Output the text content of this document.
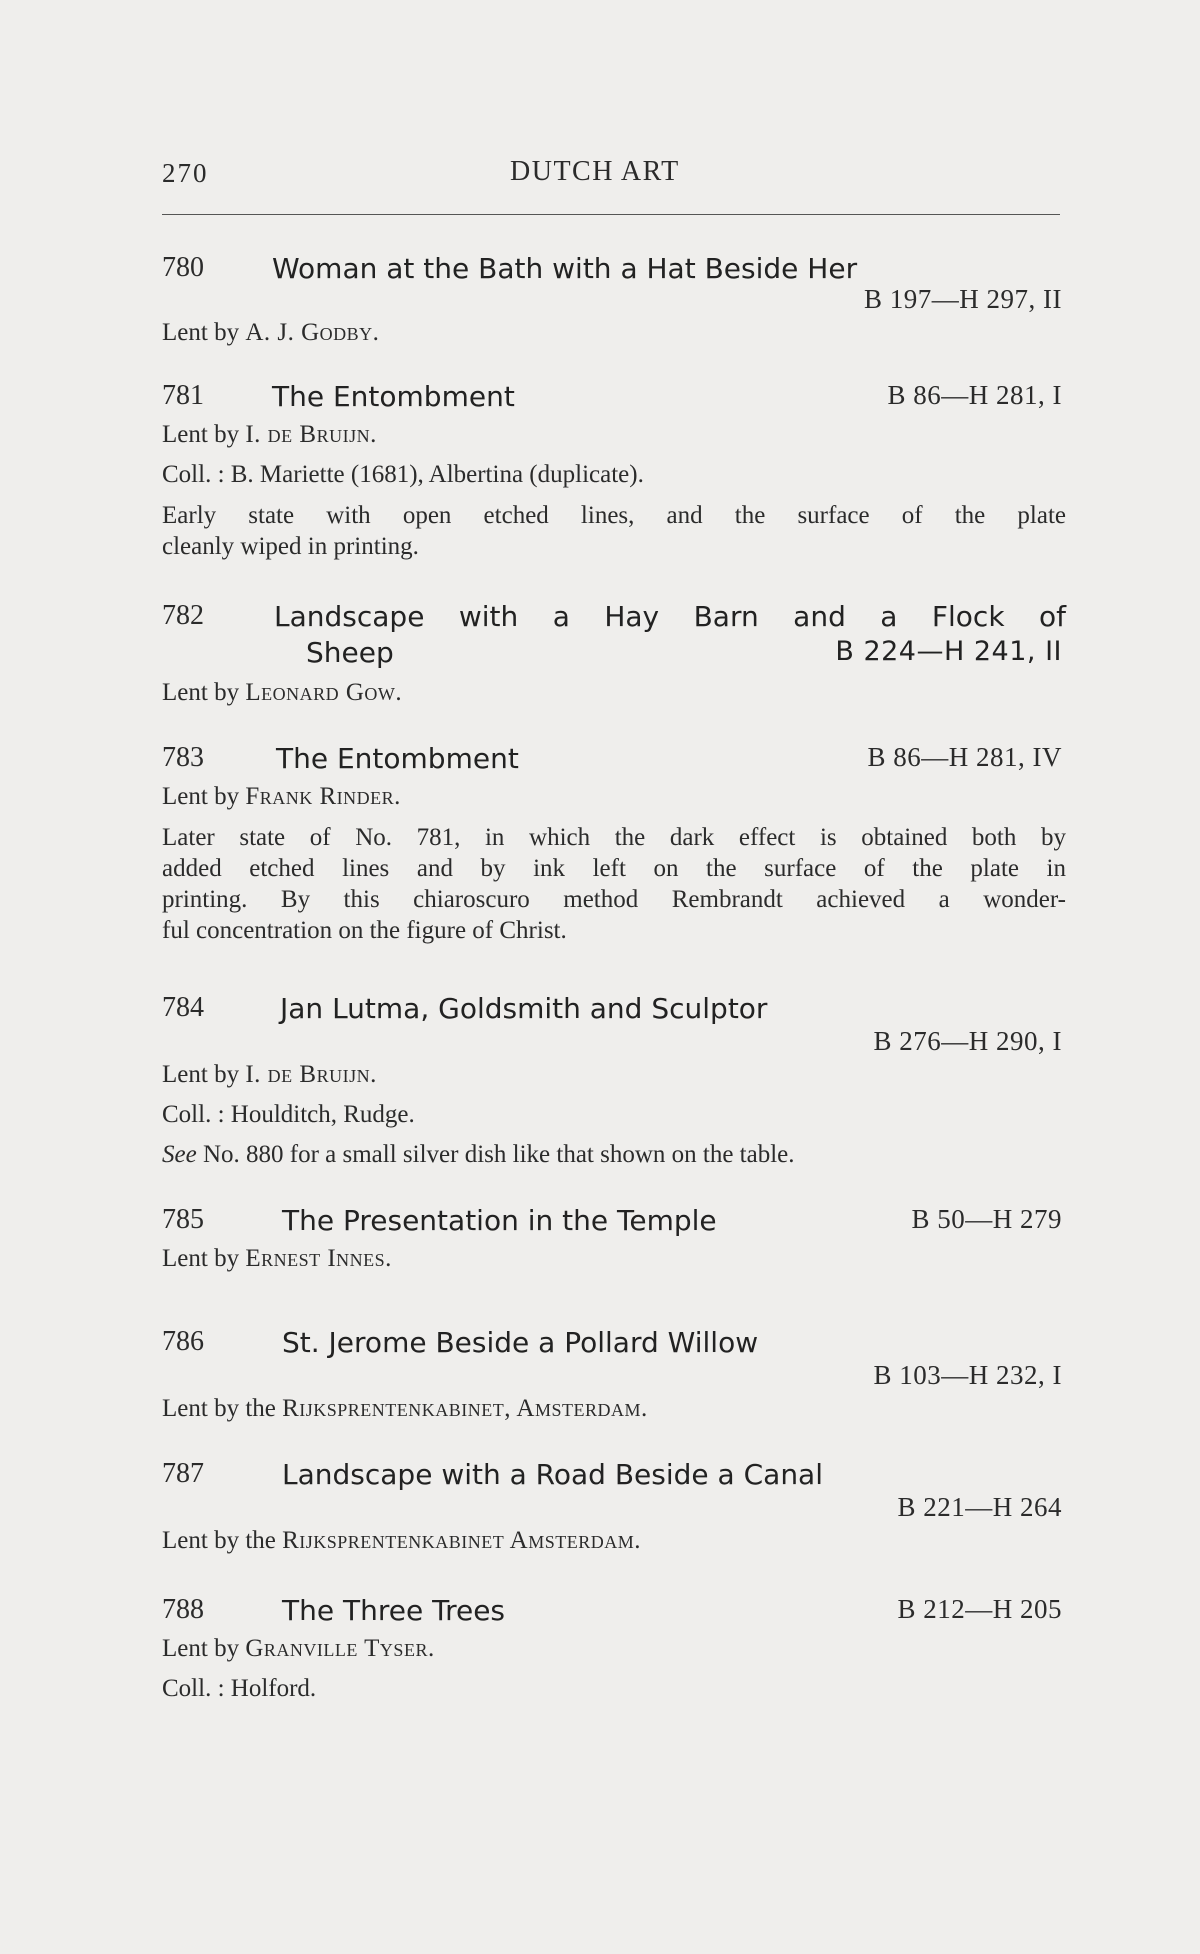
270	DUTCH ART
780 Woman at the Bath with a Hat Beside Her
B 197—H 297, II
Lent by A. J. Godby.
781 The Entombment	B 86—H 281, I
Lent by I. de Bruijn.
Coll. : B. Mariette (1681), Albertina (duplicate).
Early state with open etched lines, and the surface of the plate
cleanly wiped in printing.
782	Landscape with a Hay Barn and a Flock of
Sheep	B 224—H 241, II
Lent by Leonard Gow.
783	The Entombment	B 86—H 281, IV
Lent by Frank Rinder.
Later state of No. 781, in which the dark effect is obtained both by
added etched lines and by ink left on the surface of the plate in
printing. By this chiaroscuro method Rembrandt achieved a wonder-
ful concentration on the figure of Christ.
784	Jan Lutma, Goldsmith and Sculptor
B 276—H 290, I
Lent by I. de Bruijn.
Coll. : Houlditch, Rudge.
See No. 880 for a small silver dish like that shown on the table.
785	The Presentation in the Temple	B 50—H 279
Lent by Ernest Innes.
786	St. Jerome Beside a Pollard Willow
B 103—H 232, I
Lent by the Rijksprentenkabinet, Amsterdam.
787	Landscape with a Road Beside a Canal
B 221—H 264
Lent by the Rijksprentenkabinet Amsterdam.
788	The Three Trees	B 212—H 205
Lent by Granville Tyser.
Coll. : Holford.
